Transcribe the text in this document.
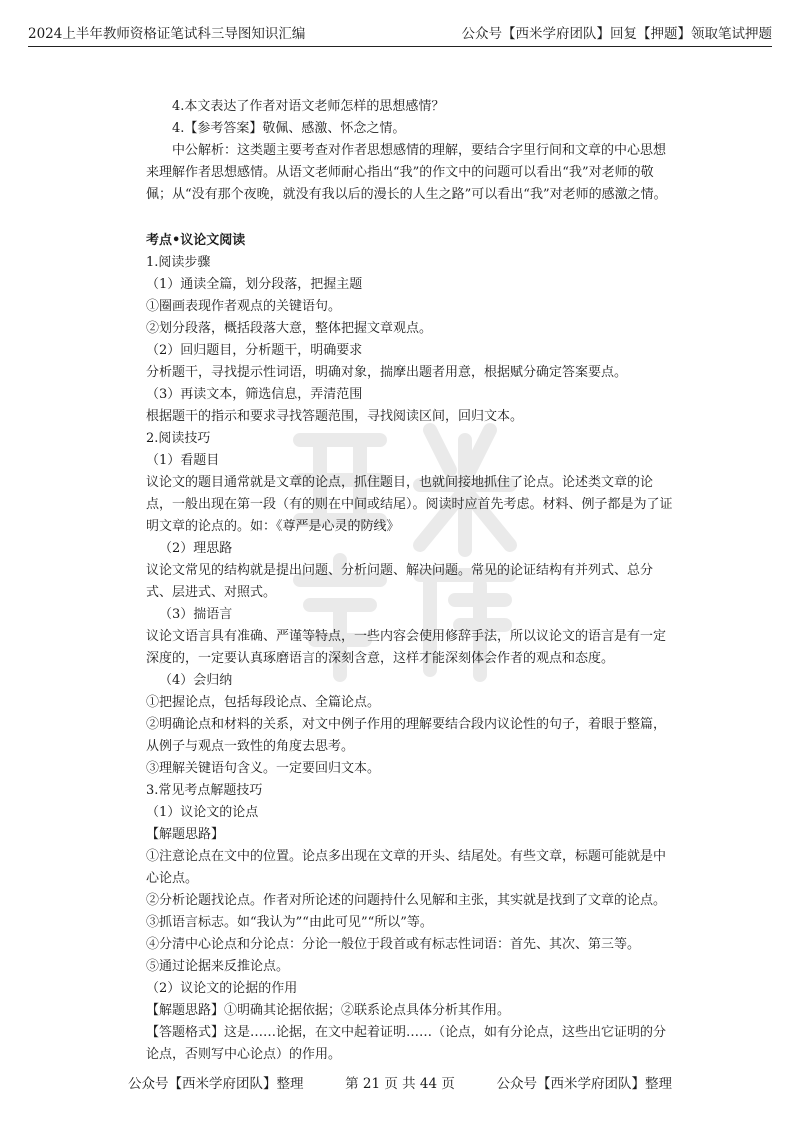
2024上半年教师资格证笔试科三导图知识汇编	公众号【西米学府团队】回复【押题】领取笔试押题

4.本文表达了作者对语文老师怎样的思想感情？

4.【参考答案】敬佩、感激、怀念之情。

中公解析：这类题主要考查对作者思想感情的理解，要结合字里行间和文章的中心思想来理解作者思想感情。从语文老师耐心指出“我”的作文中的问题可以看出“我”对老师的敬佩；从“没有那个夜晚，就没有我以后的漫长的人生之路”可以看出“我”对老师的感激之情。

考点•议论文阅读

1.阅读步骤

（1）通读全篇，划分段落，把握主题

①圈画表现作者观点的关键语句。

②划分段落，概括段落大意，整体把握文章观点。

（2）回归题目，分析题干，明确要求

分析题干，寻找提示性词语，明确对象，揣摩出题者用意，根据赋分确定答案要点。

（3）再读文本，筛选信息，弄清范围

根据题干的指示和要求寻找答题范围，寻找阅读区间，回归文本。

2.阅读技巧

（1）看题目

议论文的题目通常就是文章的论点，抓住题目，也就间接地抓住了论点。论述类文章的论点，一般出现在第一段（有的则在中间或结尾）。阅读时应首先考虑。材料、例子都是为了证明文章的论点的。如：《尊严是心灵的防线》

（2）理思路

议论文常见的结构就是提出问题、分析问题、解决问题。常见的论证结构有并列式、总分式、层进式、对照式。

（3）揣语言

议论文语言具有准确、严谨等特点，一些内容会使用修辞手法，所以议论文的语言是有一定深度的，一定要认真琢磨语言的深刻含意，这样才能深刻体会作者的观点和态度。

（4）会归纳

①把握论点，包括每段论点、全篇论点。

②明确论点和材料的关系，对文中例子作用的理解要结合段内议论性的句子，着眼于整篇，从例子与观点一致性的角度去思考。

③理解关键语句含义。一定要回归文本。

3.常见考点解题技巧

（1）议论文的论点

【解题思路】

①注意论点在文中的位置。论点多出现在文章的开头、结尾处。有些文章，标题可能就是中心论点。

②分析论题找论点。作者对所论述的问题持什么见解和主张，其实就是找到了文章的论点。

③抓语言标志。如“我认为”“由此可见”“所以”等。

④分清中心论点和分论点：分论一般位于段首或有标志性词语：首先、其次、第三等。

⑤通过论据来反推论点。

（2）议论文的论据的作用

【解题思路】①明确其论据依据；②联系论点具体分析其作用。

【答题格式】这是……论据，在文中起着证明……（论点，如有分论点，这些出它证明的分论点，否则写中心论点）的作用。

公众号【西米学府团队】整理	第 21 页 共 44 页	公众号【西米学府团队】整理
